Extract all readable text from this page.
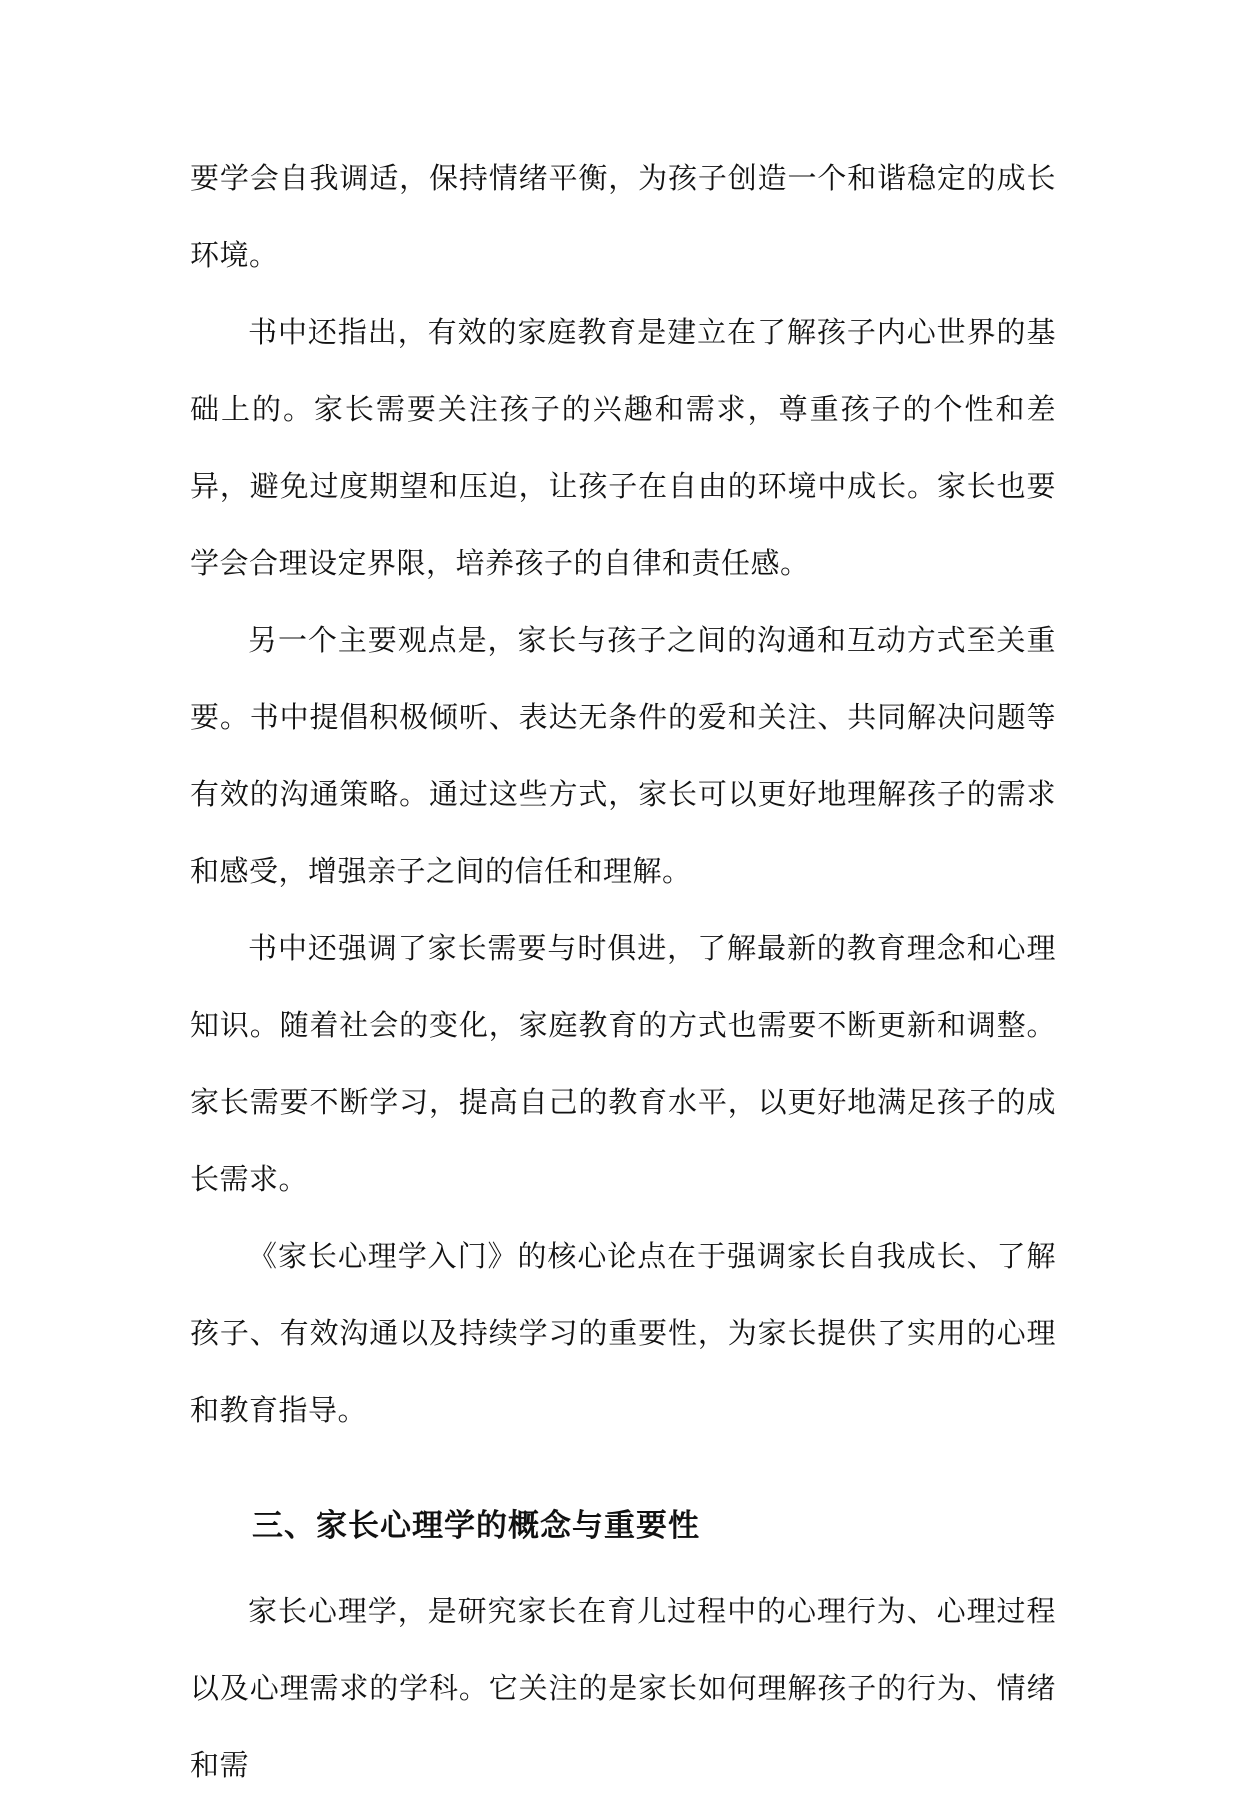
要学会自我调适，保持情绪平衡，为孩子创造一个和谐稳定的成长环境。

书中还指出，有效的家庭教育是建立在了解孩子内心世界的基础上的。家长需要关注孩子的兴趣和需求，尊重孩子的个性和差异，避免过度期望和压迫，让孩子在自由的环境中成长。家长也要学会合理设定界限，培养孩子的自律和责任感。

另一个主要观点是，家长与孩子之间的沟通和互动方式至关重要。书中提倡积极倾听、表达无条件的爱和关注、共同解决问题等有效的沟通策略。通过这些方式，家长可以更好地理解孩子的需求和感受，增强亲子之间的信任和理解。

书中还强调了家长需要与时俱进，了解最新的教育理念和心理知识。随着社会的变化，家庭教育的方式也需要不断更新和调整。家长需要不断学习，提高自己的教育水平，以更好地满足孩子的成长需求。

《家长心理学入门》的核心论点在于强调家长自我成长、了解孩子、有效沟通以及持续学习的重要性，为家长提供了实用的心理和教育指导。

三、家长心理学的概念与重要性

家长心理学，是研究家长在育儿过程中的心理行为、心理过程以及心理需求的学科。它关注的是家长如何理解孩子的行为、情绪和需
